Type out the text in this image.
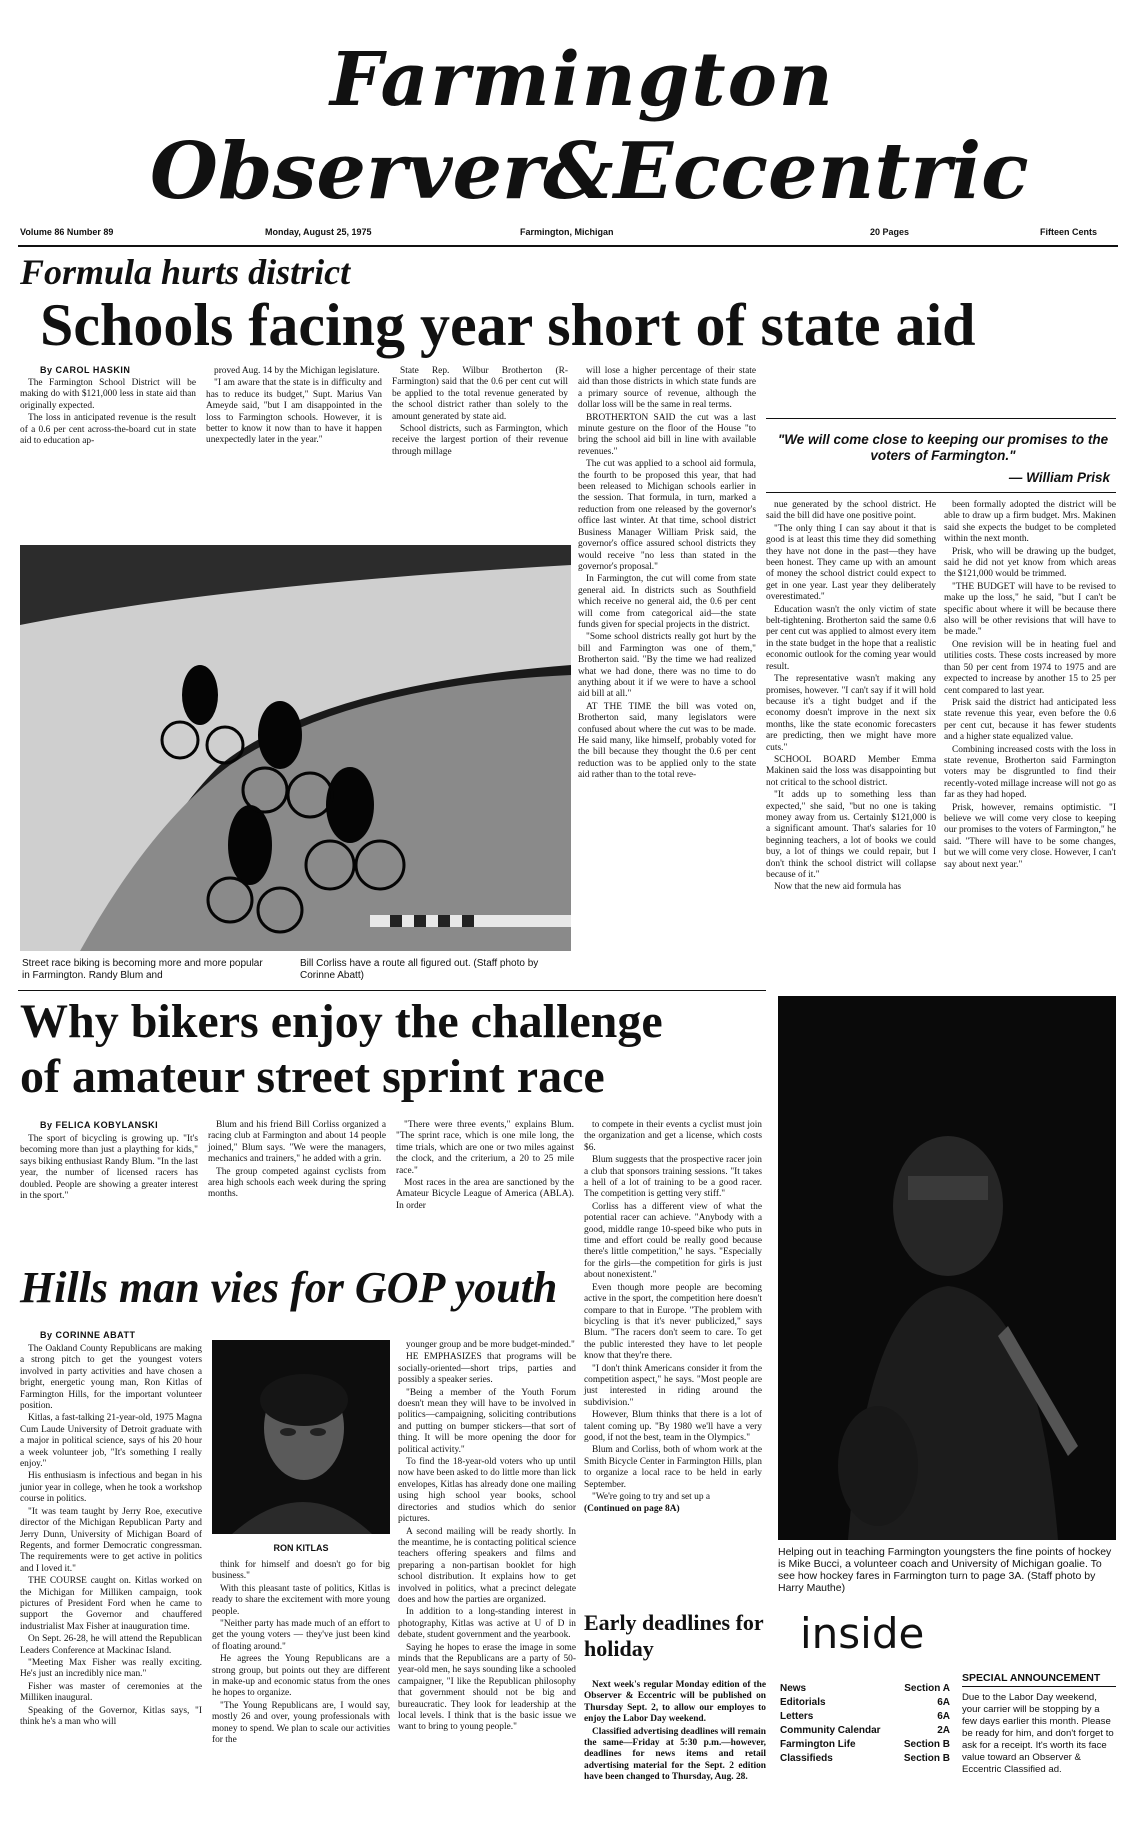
Farmington
Observer&Eccentric
Volume 86 Number 89	Monday, August 25, 1975	Farmington, Michigan	20 Pages	Fifteen Cents
Formula hurts district
Schools facing year short of state aid
By CAROL HASKIN

The Farmington School District will be making do with $121,000 less in state aid than originally expected.

The loss in anticipated revenue is the result of a 0.6 per cent across-the-board cut in state aid to education ap-

proved Aug. 14 by the Michigan legislature.

"I am aware that the state is in difficulty and has to reduce its budget," Supt. Marius Van Ameyde said, "but I am disappointed in the loss to Farmington schools. However, it is better to know it now than to have it happen unexpectedly later in the year."

State Rep. Wilbur Brotherton (R-Farmington) said that the 0.6 per cent cut will be applied to the total revenue generated by the school district rather than solely to the amount generated by state aid.

School districts, such as Farmington, which receive the largest portion of their revenue through millage

will lose a higher percentage of their state aid than those districts in which state funds are a primary source of revenue, although the dollar loss will be the same in real terms.

BROTHERTON SAID the cut was a last minute gesture on the floor of the House "to bring the school aid bill in line with available revenues."

The cut was applied to a school aid formula, the fourth to be proposed this year, that had been released to Michigan schools earlier in the session. That formula, in turn, marked a reduction from one released by the governor's office last winter. At that time, school district Business Manager William Prisk said, the governor's office assured school districts they would receive "no less than stated in the governor's proposal."

In Farmington, the cut will come from state general aid. In districts such as Southfield which receive no general aid, the 0.6 per cent will come from categorical aid—the state funds given for special projects in the district.

"Some school districts really got hurt by the bill and Farmington was one of them," Brotherton said. "By the time we had realized what we had done, there was no time to do anything about it if we were to have a school aid bill at all."

AT THE TIME the bill was voted on, Brotherton said, many legislators were confused about where the cut was to be made. He said many, like himself, probably voted for the bill because they thought the 0.6 per cent reduction was to be applied only to the state aid rather than to the total reve-

"We will come close to keeping our promises to the voters of Farmington."
— William Prisk

nue generated by the school district. He said the bill did have one positive point.

"The only thing I can say about it that is good is at least this time they did something they have not done in the past—they have been honest. They came up with an amount of money the school district could expect to get in one year. Last year they deliberately overestimated."

Education wasn't the only victim of state belt-tightening. Brotherton said the same 0.6 per cent cut was applied to almost every item in the state budget in the hope that a realistic economic outlook for the coming year would result.

The representative wasn't making any promises, however. "I can't say if it will hold because it's a tight budget and if the economy doesn't improve in the next six months, like the state economic forecasters are predicting, then we might have more cuts."

SCHOOL BOARD Member Emma Makinen said the loss was disappointing but not critical to the school district.

"It adds up to something less than expected," she said, "but no one is taking money away from us. Certainly $121,000 is a significant amount. That's salaries for 10 beginning teachers, a lot of books we could buy, a lot of things we could repair, but I don't think the school district will collapse because of it."

Now that the new aid formula has

been formally adopted the district will be able to draw up a firm budget. Mrs. Makinen said she expects the budget to be completed within the next month.

Prisk, who will be drawing up the budget, said he did not yet know from which areas the $121,000 would be trimmed.

"THE BUDGET will have to be revised to make up the loss," he said, "but I can't be specific about where it will be because there also will be other revisions that will have to be made."

One revision will be in heating fuel and utilities costs. These costs increased by more than 50 per cent from 1974 to 1975 and are expected to increase by another 15 to 25 per cent compared to last year.

Prisk said the district had anticipated less state revenue this year, even before the 0.6 per cent cut, because it has fewer students and a higher state equalized value.

Combining increased costs with the loss in state revenue, Brotherton said Farmington voters may be disgruntled to find their recently-voted millage increase will not go as far as they had hoped.

Prisk, however, remains optimistic. "I believe we will come very close to keeping our promises to the voters of Farmington," he said. "There will have to be some changes, but we will come very close. However, I can't say about next year."

Street race biking is becoming more and more popular in Farmington. Randy Blum and
Bill Corliss have a route all figured out. (Staff photo by Corinne Abatt)
Why bikers enjoy the challenge
of amateur street sprint race
By FELICA KOBYLANSKI

The sport of bicycling is growing up. "It's becoming more than just a plaything for kids," says biking enthusiast Randy Blum. "In the last year, the number of licensed racers has doubled. People are showing a greater interest in the sport."

Blum and his friend Bill Corliss organized a racing club at Farmington and about 14 people joined," Blum says. "We were the managers, mechanics and trainers," he added with a grin.

The group competed against cyclists from area high schools each week during the spring months.

"There were three events," explains Blum. "The sprint race, which is one mile long, the time trials, which are one or two miles against the clock, and the criterium, a 20 to 25 mile race."

Most races in the area are sanctioned by the Amateur Bicycle League of America (ABLA). In order

to compete in their events a cyclist must join the organization and get a license, which costs $6.

Blum suggests that the prospective racer join a club that sponsors training sessions. "It takes a hell of a lot of training to be a good racer. The competition is getting very stiff."

Corliss has a different view of what the potential racer can achieve. "Anybody with a good, middle range 10-speed bike who puts in time and effort could be really good because there's little competition," he says. "Especially for the girls—the competition for girls is just about nonexistent."

Even though more people are becoming active in the sport, the competition here doesn't compare to that in Europe. "The problem with bicycling is that it's never publicized," says Blum. "The racers don't seem to care. To get the public interested they have to let people know that they're there.

"I don't think Americans consider it from the competition aspect," he says. "Most people are just interested in riding around the subdivision."

However, Blum thinks that there is a lot of talent coming up. "By 1980 we'll have a very good, if not the best, team in the Olympics."

Blum and Corliss, both of whom work at the Smith Bicycle Center in Farmington Hills, plan to organize a local race to be held in early September.

"We're going to try and set up a

(Continued on page 8A)

Hills man vies for GOP youth
By CORINNE ABATT

The Oakland County Republicans are making a strong pitch to get the youngest voters involved in party activities and have chosen a bright, energetic young man, Ron Kitlas of Farmington Hills, for the important volunteer position.

Kitlas, a fast-talking 21-year-old, 1975 Magna Cum Laude University of Detroit graduate with a major in political science, says of his 20 hour a week volunteer job, "It's something I really enjoy."

His enthusiasm is infectious and began in his junior year in college, when he took a workshop course in politics.

"It was team taught by Jerry Roe, executive director of the Michigan Republican Party and Jerry Dunn, University of Michigan Board of Regents, and former Democratic congressman. The requirements were to get active in politics and I loved it."

THE COURSE caught on. Kitlas worked on the Michigan for Milliken campaign, took pictures of President Ford when he came to support the Governor and chauffered industrialist Max Fisher at inauguration time.

On Sept. 26-28, he will attend the Republican Leaders Conference at Mackinac Island.

"Meeting Max Fisher was really exciting. He's just an incredibly nice man."

Fisher was master of ceremonies at the Milliken inaugural.

Speaking of the Governor, Kitlas says, "I think he's a man who will

RON KITLAS

think for himself and doesn't go for big business."

With this pleasant taste of politics, Kitlas is ready to share the excitement with more young people.

"Neither party has made much of an effort to get the young voters — they've just been kind of floating around."

He agrees the Young Republicans are a strong group, but points out they are different in make-up and economic status from the ones he hopes to organize.

"The Young Republicans are, I would say, mostly 26 and over, young professionals with money to spend. We plan to scale our activities for the

younger group and be more budget-minded."

HE EMPHASIZES that programs will be socially-oriented—short trips, parties and possibly a speaker series.

"Being a member of the Youth Forum doesn't mean they will have to be involved in politics—campaigning, soliciting contributions and putting on bumper stickers—that sort of thing. It will be more opening the door for political activity."

To find the 18-year-old voters who up until now have been asked to do little more than lick envelopes, Kitlas has already done one mailing using high school year books, school directories and studios which do senior pictures.

A second mailing will be ready shortly. In the meantime, he is contacting political science teachers offering speakers and films and preparing a non-partisan booklet for high school distribution. It explains how to get involved in politics, what a precinct delegate does and how the parties are organized.

In addition to a long-standing interest in photography, Kitlas was active at U of D in debate, student government and the yearbook.

Saying he hopes to erase the image in some minds that the Republicans are a party of 50-year-old men, he says sounding like a schooled campaigner, "I like the Republican philosophy that government should not be big and bureaucratic. They look for leadership at the local levels. I think that is the basic issue we want to bring to young people."

Helping out in teaching Farmington youngsters the fine points of hockey is Mike Bucci, a volunteer coach and University of Michigan goalie. To see how hockey fares in Farmington turn to page 3A. (Staff photo by Harry Mauthe)
Early deadlines for holiday

Next week's regular Monday edition of the Observer & Eccentric will be published on Thursday Sept. 2, to allow our employes to enjoy the Labor Day weekend.

Classified advertising deadlines will remain the same—Friday at 5:30 p.m.—however, deadlines for news items and retail advertising material for the Sept. 2 edition have been changed to Thursday, Aug. 28.

inside
News	Section A
Editorials	6A
Letters	6A
Community Calendar	2A
Farmington Life	Section B
Classifieds	Section B
SPECIAL ANNOUNCEMENT
Due to the Labor Day weekend, your carrier will be stopping by a few days earlier this month. Please be ready for him, and don't forget to ask for a receipt. It's worth its face value toward an Observer & Eccentric Classified ad.
